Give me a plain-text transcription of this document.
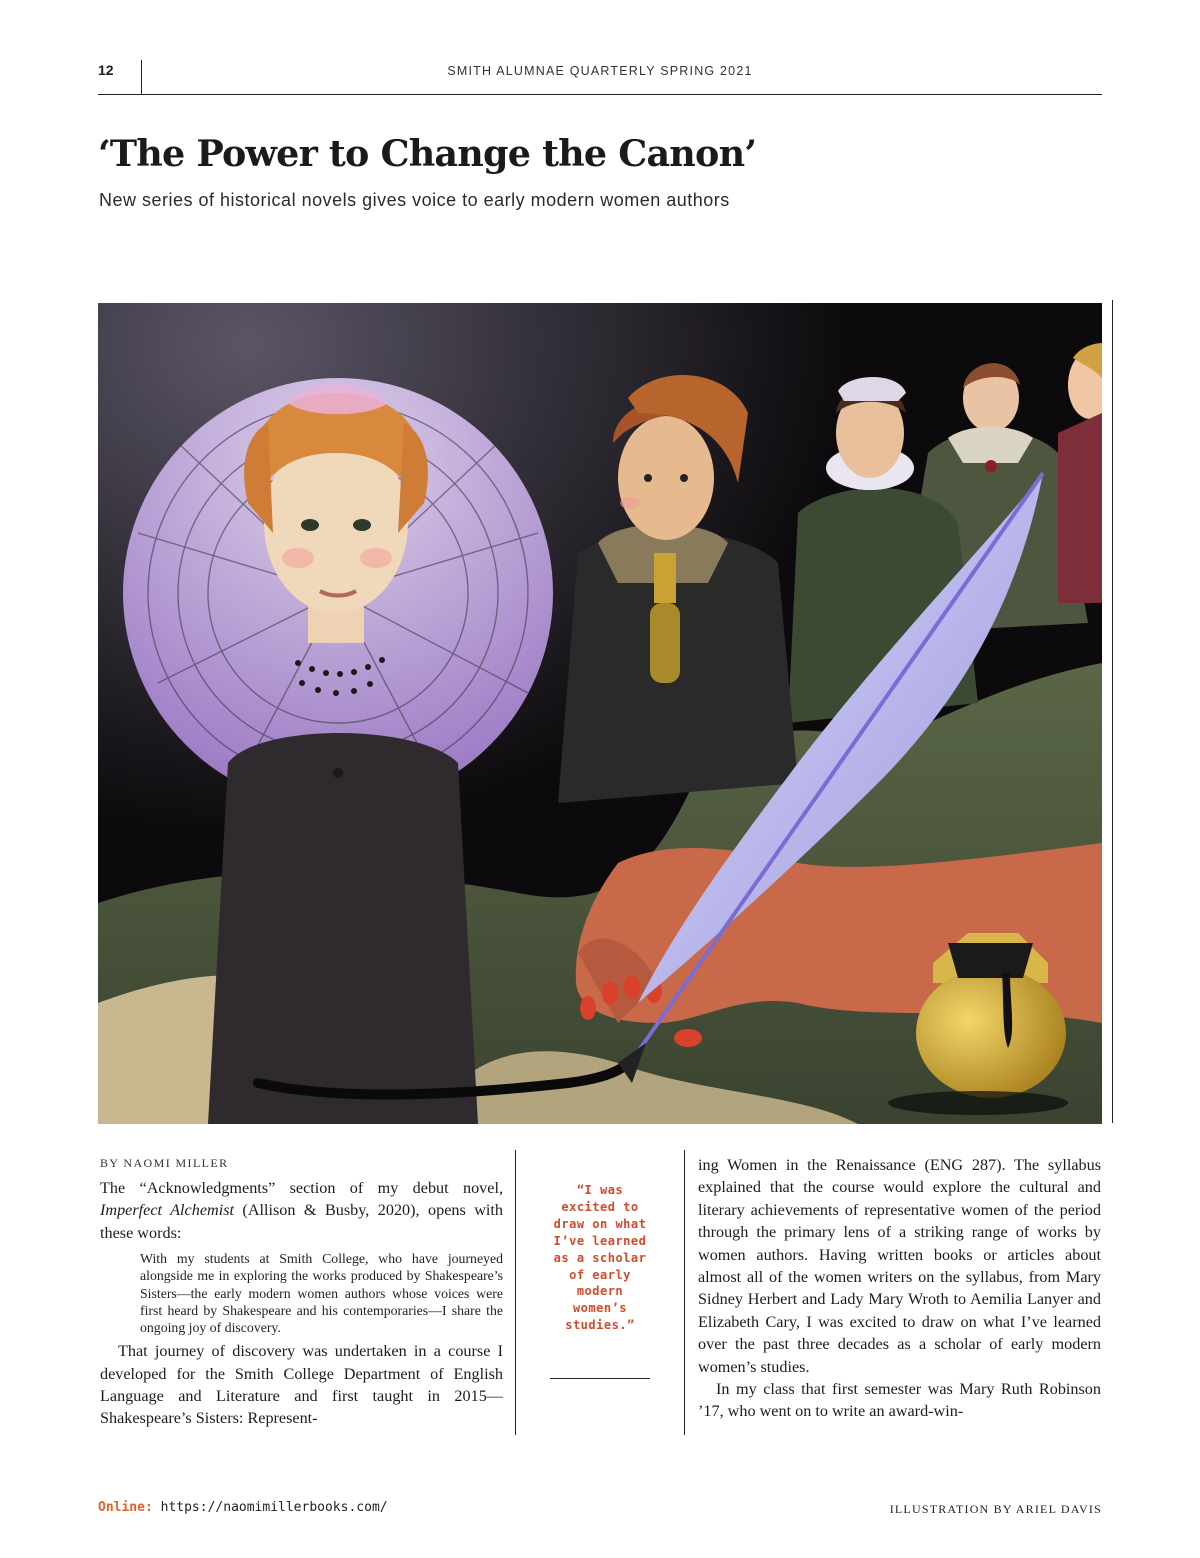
12	SMITH ALUMNAE QUARTERLY SPRING 2021
‘The Power to Change the Canon’

New series of historical novels gives voice to early modern women authors

BY NAOMI MILLER

The “Acknowledgments” section of my debut novel, Imperfect Alchemist (Allison & Busby, 2020), opens with these words:

With my students at Smith College, who have journeyed alongside me in exploring the works produced by Shakespeare’s Sisters—the early modern women authors whose voices were first heard by Shakespeare and his contemporaries—I share the ongoing joy of discovery.

That journey of discovery was undertaken in a course I developed for the Smith College Department of English Language and Literature and first taught in 2015—Shakespeare’s Sisters: Represent-

“I was excited to draw on what I’ve learned as a scholar of early modern women’s studies.”

ing Women in the Renaissance (ENG 287). The syllabus explained that the course would explore the cultural and literary achievements of representative women of the period through the primary lens of a striking range of works by women authors. Having written books or articles about almost all of the women writers on the syllabus, from Mary Sidney Herbert and Lady Mary Wroth to Aemilia Lanyer and Elizabeth Cary, I was excited to draw on what I’ve learned over the past three decades as a scholar of early modern women’s studies.

In my class that first semester was Mary Ruth Robinson ’17, who went on to write an award-win-

Online: https://naomimillerbooks.com/	ILLUSTRATION BY ARIEL DAVIS
